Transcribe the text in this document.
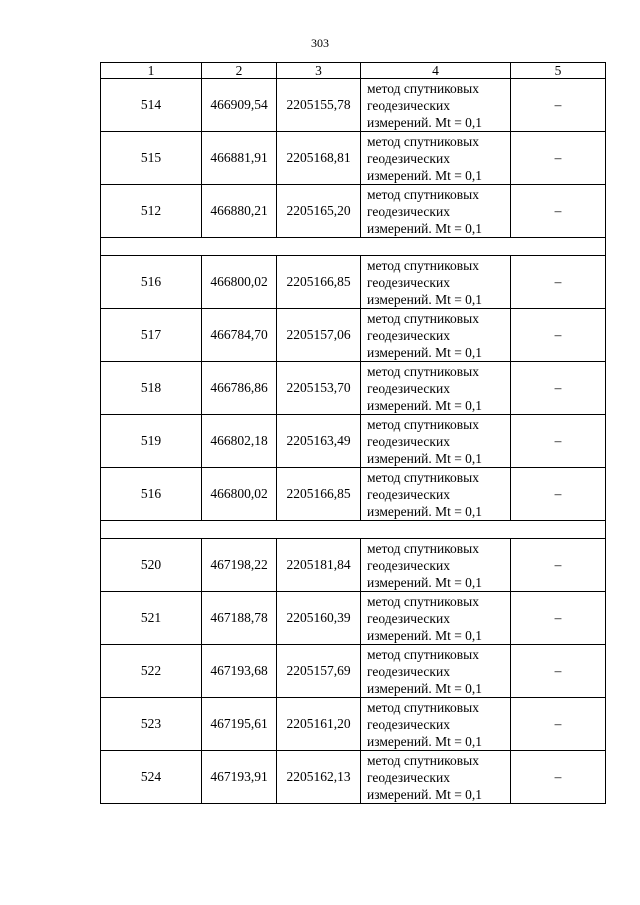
303
1	2	3	4	5
514	466909,54	2205155,78	метод спутниковых
геодезических
измерений. Mt = 0,1	–
515	466881,91	2205168,81	метод спутниковых
геодезических
измерений. Mt = 0,1	–
512	466880,21	2205165,20	метод спутниковых
геодезических
измерений. Mt = 0,1	–

516	466800,02	2205166,85	метод спутниковых
геодезических
измерений. Mt = 0,1	–
517	466784,70	2205157,06	метод спутниковых
геодезических
измерений. Mt = 0,1	–
518	466786,86	2205153,70	метод спутниковых
геодезических
измерений. Mt = 0,1	–
519	466802,18	2205163,49	метод спутниковых
геодезических
измерений. Mt = 0,1	–
516	466800,02	2205166,85	метод спутниковых
геодезических
измерений. Mt = 0,1	–

520	467198,22	2205181,84	метод спутниковых
геодезических
измерений. Mt = 0,1	–
521	467188,78	2205160,39	метод спутниковых
геодезических
измерений. Mt = 0,1	–
522	467193,68	2205157,69	метод спутниковых
геодезических
измерений. Mt = 0,1	–
523	467195,61	2205161,20	метод спутниковых
геодезических
измерений. Mt = 0,1	–
524	467193,91	2205162,13	метод спутниковых
геодезических
измерений. Mt = 0,1	–
